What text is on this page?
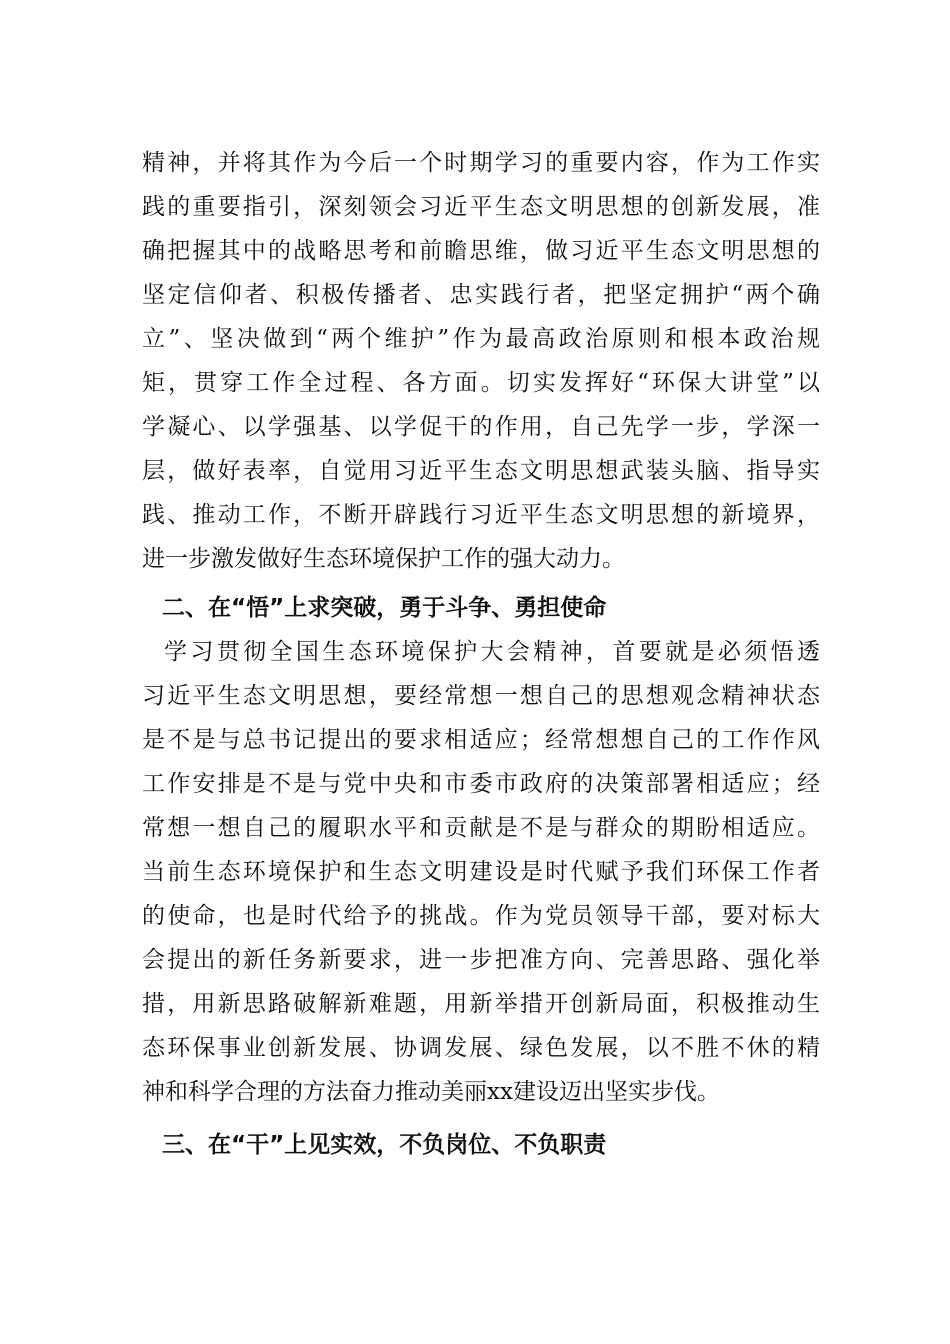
精神，并将其作为今后一个时期学习的重要内容，作为工作实
践的重要指引，深刻领会习近平生态文明思想的创新发展，准
确把握其中的战略思考和前瞻思维，做习近平生态文明思想的
坚定信仰者、积极传播者、忠实践行者，把坚定拥护“两个确
立”、坚决做到“两个维护”作为最高政治原则和根本政治规
矩，贯穿工作全过程、各方面。切实发挥好“环保大讲堂”以
学凝心、以学强基、以学促干的作用，自己先学一步，学深一
层，做好表率，自觉用习近平生态文明思想武装头脑、指导实
践、推动工作，不断开辟践行习近平生态文明思想的新境界，
进一步激发做好生态环境保护工作的强大动力。
二、在“悟”上求突破，勇于斗争、勇担使命
学习贯彻全国生态环境保护大会精神，首要就是必须悟透
习近平生态文明思想，要经常想一想自己的思想观念精神状态
是不是与总书记提出的要求相适应；经常想想自己的工作作风
工作安排是不是与党中央和市委市政府的决策部署相适应；经
常想一想自己的履职水平和贡献是不是与群众的期盼相适应。
当前生态环境保护和生态文明建设是时代赋予我们环保工作者
的使命，也是时代给予的挑战。作为党员领导干部，要对标大
会提出的新任务新要求，进一步把准方向、完善思路、强化举
措，用新思路破解新难题，用新举措开创新局面，积极推动生
态环保事业创新发展、协调发展、绿色发展，以不胜不休的精
神和科学合理的方法奋力推动美丽xx建设迈出坚实步伐。
三、在“干”上见实效，不负岗位、不负职责
